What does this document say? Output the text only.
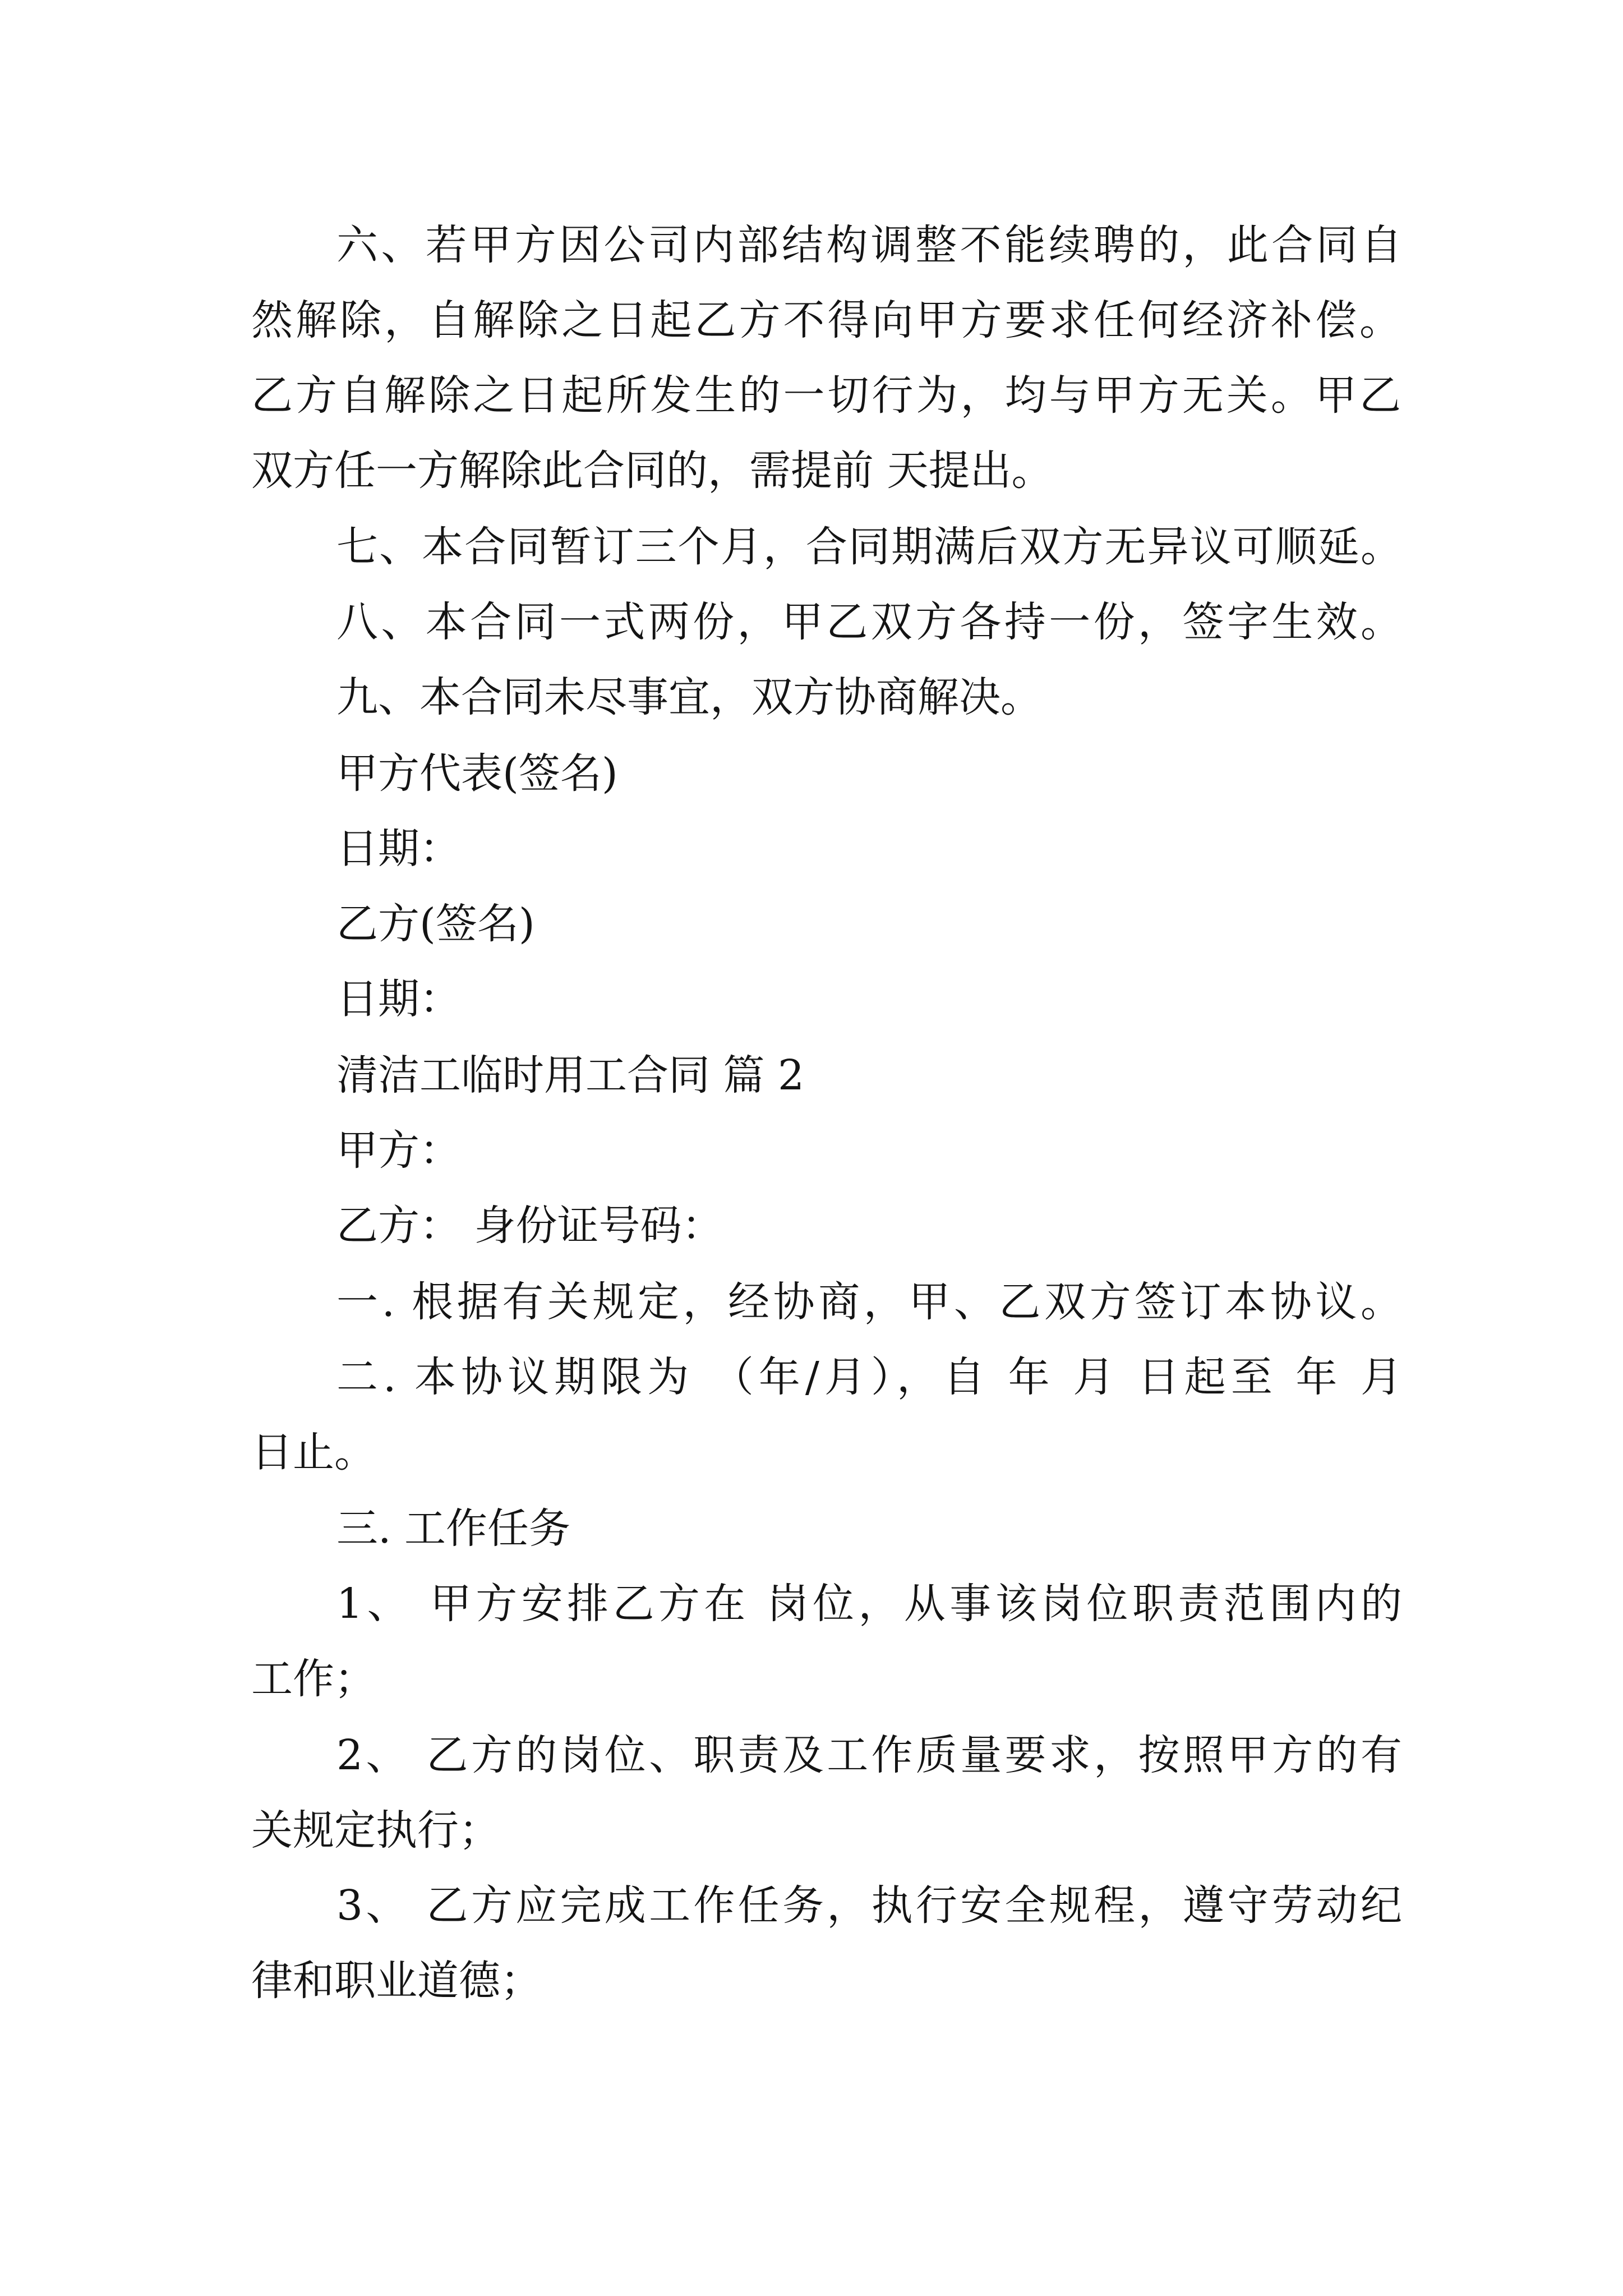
六、若甲方因公司内部结构调整不能续聘的，此合同自
然解除，自解除之日起乙方不得向甲方要求任何经济补偿。
乙方自解除之日起所发生的一切行为，均与甲方无关。甲乙
双方任一方解除此合同的，需提前 天提出。
七、本合同暂订三个月，合同期满后双方无异议可顺延。
八、本合同一式两份，甲乙双方各持一份，签字生效。
九、本合同未尽事宜，双方协商解决。
甲方代表(签名)
日期：
乙方(签名)
日期：
清洁工临时用工合同 篇 2
甲方：
乙方： 身份证号码：
一. 根据有关规定，经协商，甲、乙双方签订本协议。
二. 本协议期限为 （年/月），自 年 月 日起至 年 月
日止。
三. 工作任务
1、 甲方安排乙方在 岗位，从事该岗位职责范围内的
工作；
2、 乙方的岗位、职责及工作质量要求，按照甲方的有
关规定执行；
3、 乙方应完成工作任务，执行安全规程，遵守劳动纪
律和职业道德；
